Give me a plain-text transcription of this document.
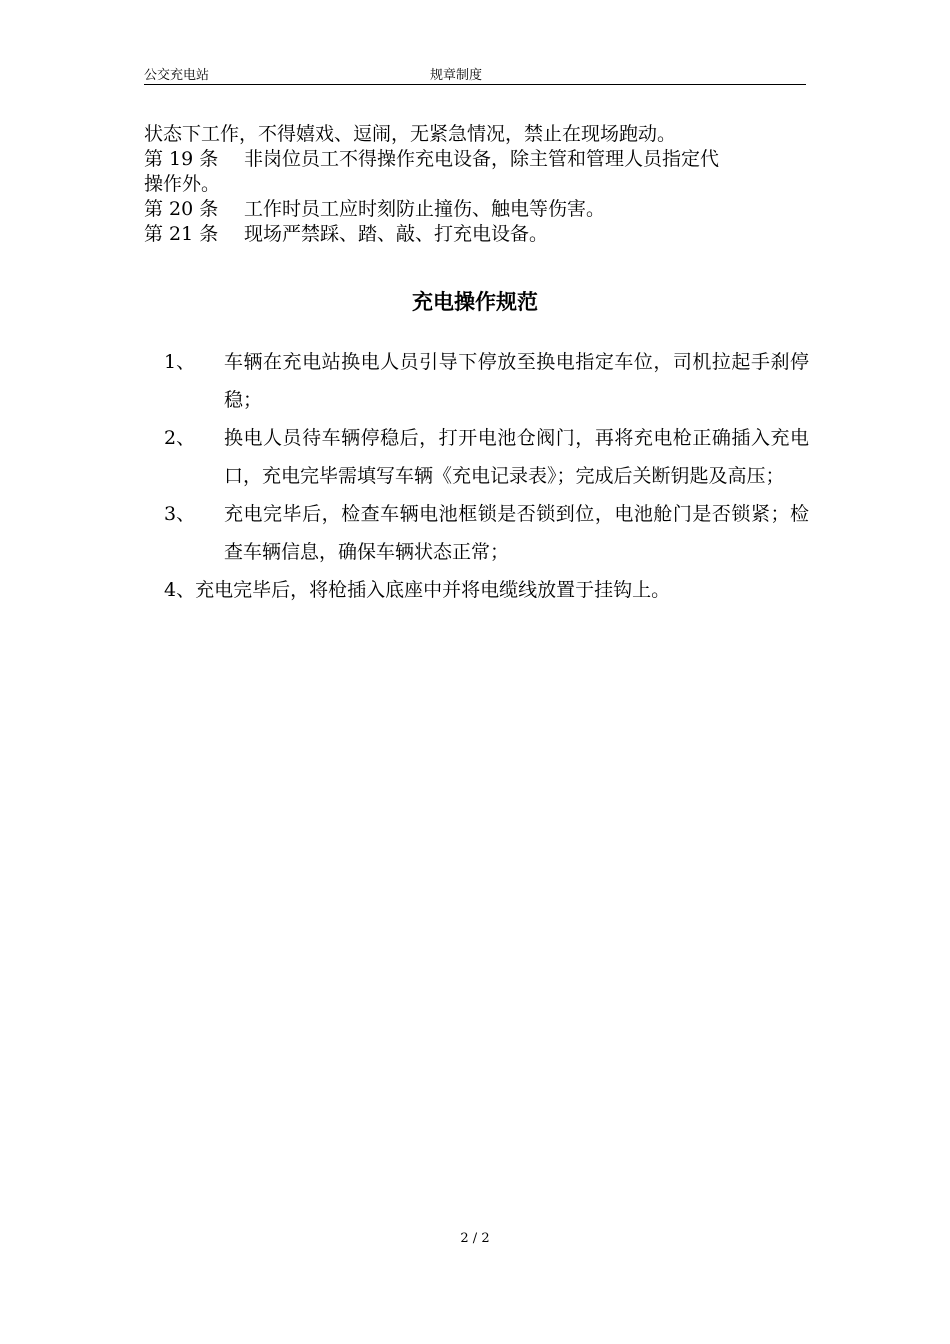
公交充电站	规章制度
状态下工作，不得嬉戏、逗闹，无紧急情况，禁止在现场跑动。
第 19 条 非岗位员工不得操作充电设备，除主管和管理人员指定代
操作外。
第 20 条 工作时员工应时刻防止撞伤、触电等伤害。
第 21 条 现场严禁踩、踏、敲、打充电设备。
充电操作规范
1、 车辆在充电站换电人员引导下停放至换电指定车位，司机拉起手刹停稳；
2、 换电人员待车辆停稳后，打开电池仓阀门，再将充电枪正确插入充电口，充电完毕需填写车辆《充电记录表》；完成后关断钥匙及高压；
3、 充电完毕后，检查车辆电池框锁是否锁到位，电池舱门是否锁紧；检查车辆信息，确保车辆状态正常；
4、充电完毕后，将枪插入底座中并将电缆线放置于挂钩上。
2 / 2
